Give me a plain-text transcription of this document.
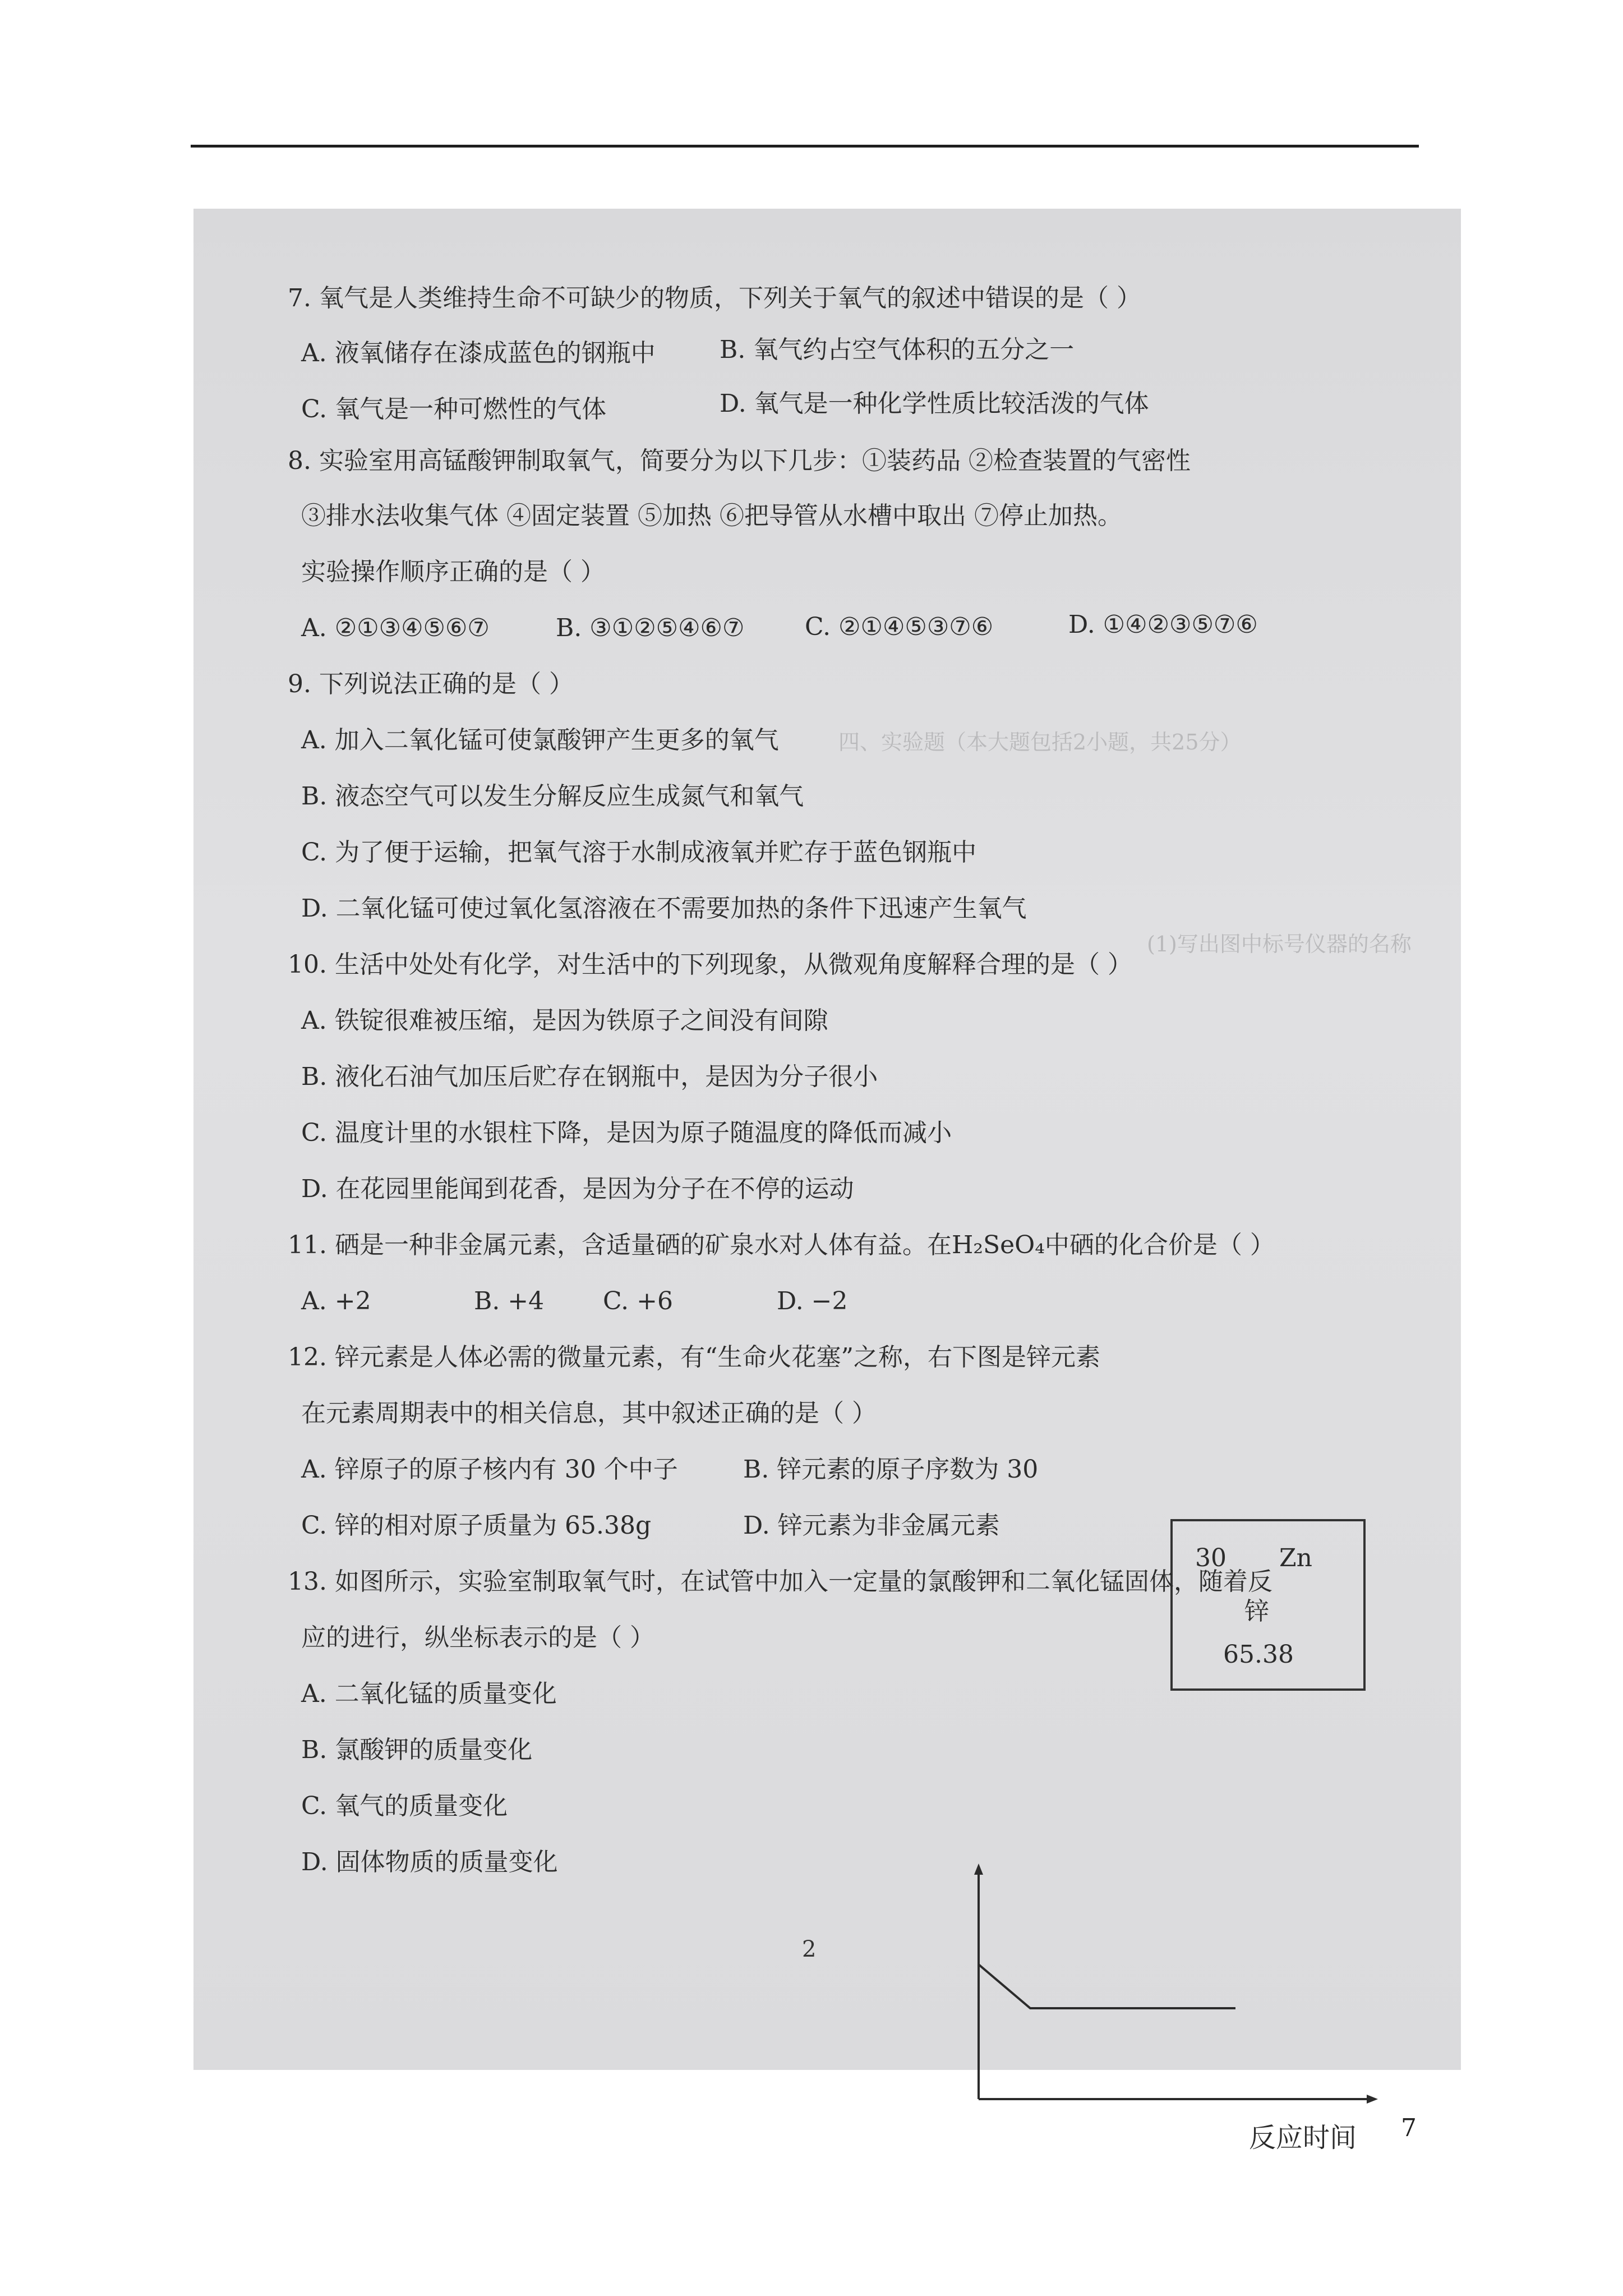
四、实验题（本大题包括2小题，共25分）
(1)写出图中标号仪器的名称
7. 氧气是人类维持生命不可缺少的物质，下列关于氧气的叙述中错误的是（ ）
A. 液氧储存在漆成蓝色的钢瓶中	B. 氧气约占空气体积的五分之一
C. 氧气是一种可燃性的气体	D. 氧气是一种化学性质比较活泼的气体
8. 实验室用高锰酸钾制取氧气，简要分为以下几步：①装药品 ②检查装置的气密性
③排水法收集气体 ④固定装置 ⑤加热 ⑥把导管从水槽中取出 ⑦停止加热。
实验操作顺序正确的是（ ）
A. ②①③④⑤⑥⑦	B. ③①②⑤④⑥⑦ C. ②①④⑤③⑦⑥	D. ①④②③⑤⑦⑥
9. 下列说法正确的是（ ）
A. 加入二氧化锰可使氯酸钾产生更多的氧气
B. 液态空气可以发生分解反应生成氮气和氧气
C. 为了便于运输，把氧气溶于水制成液氧并贮存于蓝色钢瓶中
D. 二氧化锰可使过氧化氢溶液在不需要加热的条件下迅速产生氧气
10. 生活中处处有化学，对生活中的下列现象，从微观角度解释合理的是（ ）
A. 铁锭很难被压缩，是因为铁原子之间没有间隙
B. 液化石油气加压后贮存在钢瓶中，是因为分子很小
C. 温度计里的水银柱下降，是因为原子随温度的降低而减小
D. 在花园里能闻到花香，是因为分子在不停的运动
11. 硒是一种非金属元素，含适量硒的矿泉水对人体有益。在H₂SeO₄中硒的化合价是（ ）
A. +2	B. +4 C. +6	D. −2
12. 锌元素是人体必需的微量元素，有“生命火花塞”之称，右下图是锌元素
在元素周期表中的相关信息，其中叙述正确的是（ ）
A. 锌原子的原子核内有 30 个中子	B. 锌元素的原子序数为 30
C. 锌的相对原子质量为 65.38g	D. 锌元素为非金属元素
30 Zn
锌
65.38
13. 如图所示，实验室制取氧气时，在试管中加入一定量的氯酸钾和二氧化锰固体，随着反
应的进行，纵坐标表示的是（ ）
A. 二氧化锰的质量变化
B. 氯酸钾的质量变化
C. 氧气的质量变化
D. 固体物质的质量变化
反应时间
2
7
